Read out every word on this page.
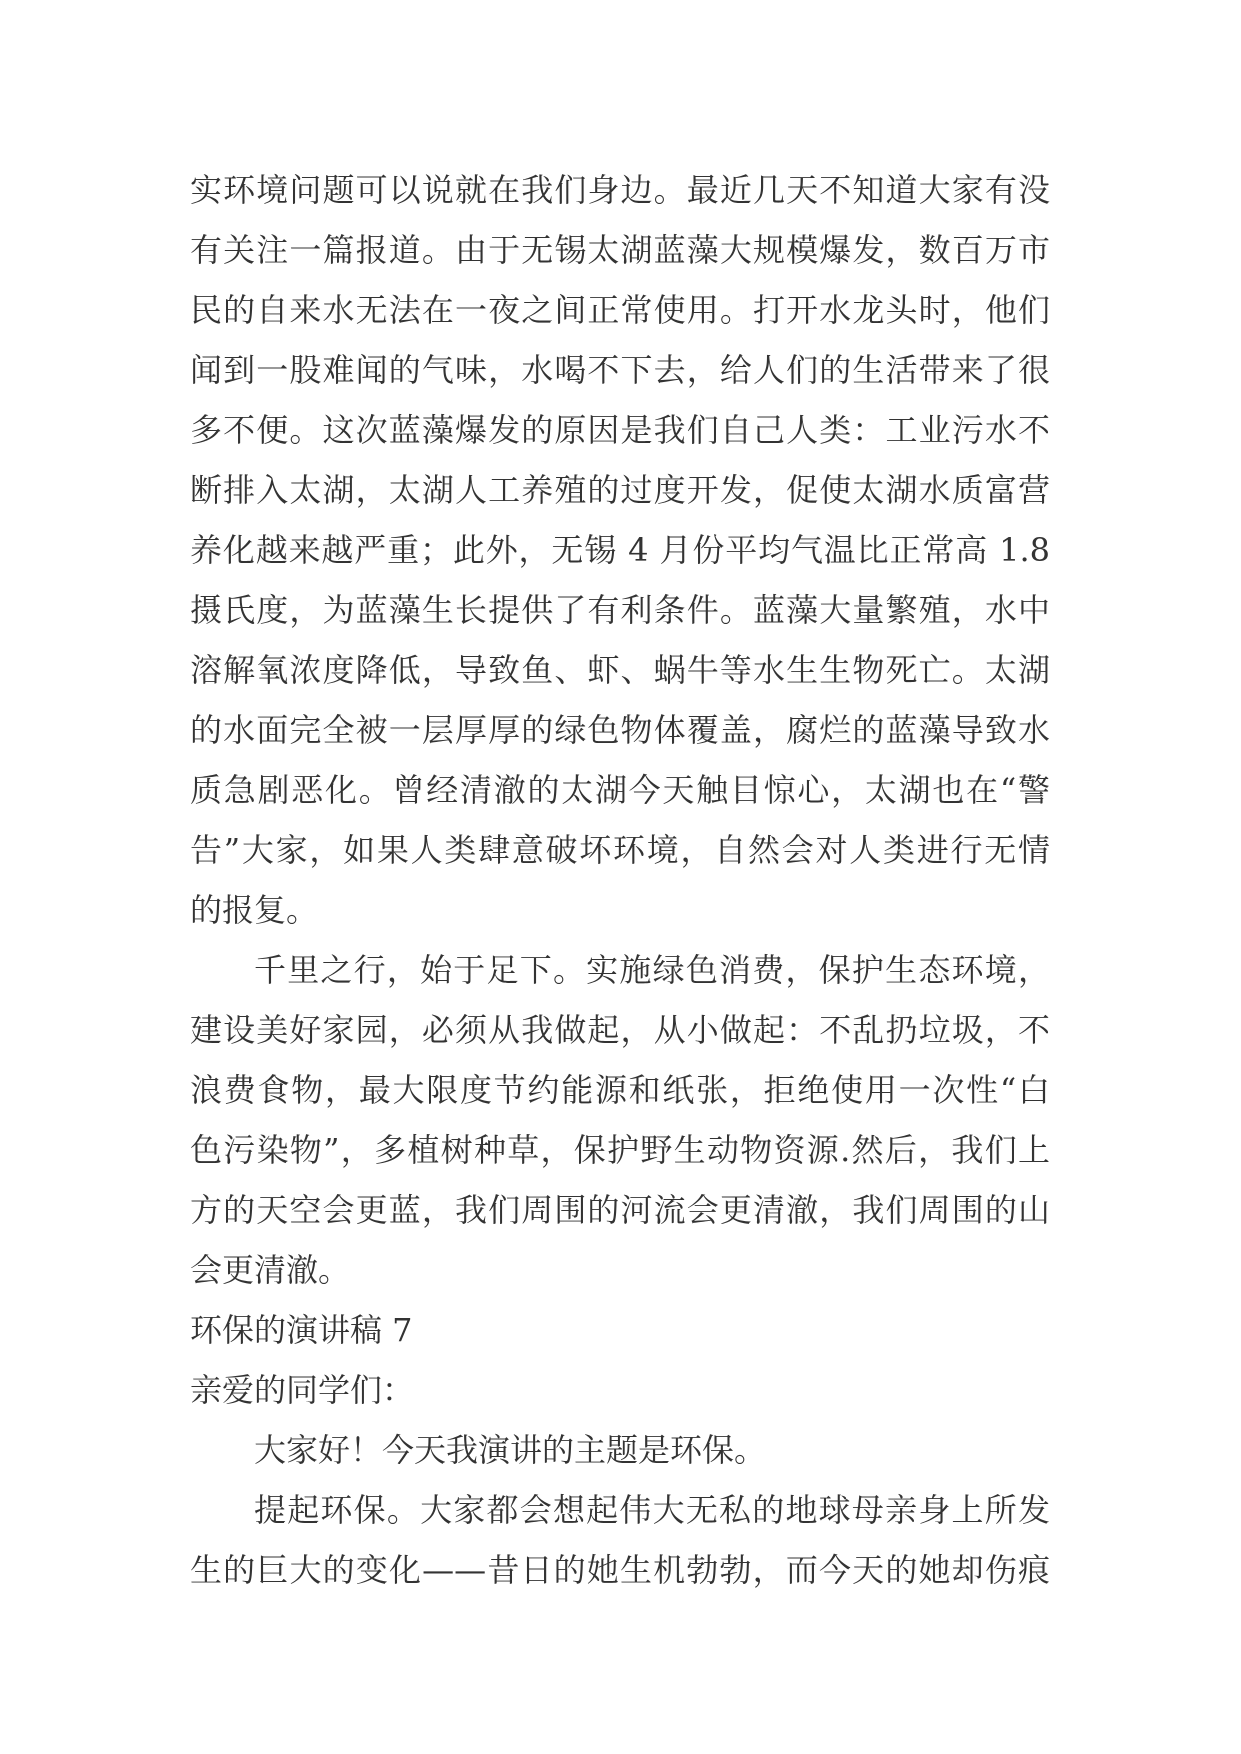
实环境问题可以说就在我们身边。最近几天不知道大家有没
有关注一篇报道。由于无锡太湖蓝藻大规模爆发，数百万市
民的自来水无法在一夜之间正常使用。打开水龙头时，他们
闻到一股难闻的气味，水喝不下去，给人们的生活带来了很
多不便。这次蓝藻爆发的原因是我们自己人类：工业污水不
断排入太湖，太湖人工养殖的过度开发，促使太湖水质富营
养化越来越严重；此外，无锡 4 月份平均气温比正常高 1.8
摄氏度，为蓝藻生长提供了有利条件。蓝藻大量繁殖，水中
溶解氧浓度降低，导致鱼、虾、蜗牛等水生生物死亡。太湖
的水面完全被一层厚厚的绿色物体覆盖，腐烂的蓝藻导致水
质急剧恶化。曾经清澈的太湖今天触目惊心，太湖也在“警
告”大家，如果人类肆意破坏环境，自然会对人类进行无情
的报复。
千里之行，始于足下。实施绿色消费，保护生态环境，
建设美好家园，必须从我做起，从小做起：不乱扔垃圾，不
浪费食物，最大限度节约能源和纸张，拒绝使用一次性“白
色污染物”，多植树种草，保护野生动物资源.然后，我们上
方的天空会更蓝，我们周围的河流会更清澈，我们周围的山
会更清澈。
环保的演讲稿 7
亲爱的同学们：
大家好！今天我演讲的主题是环保。
提起环保。大家都会想起伟大无私的地球母亲身上所发
生的巨大的变化——昔日的她生机勃勃，而今天的她却伤痕
